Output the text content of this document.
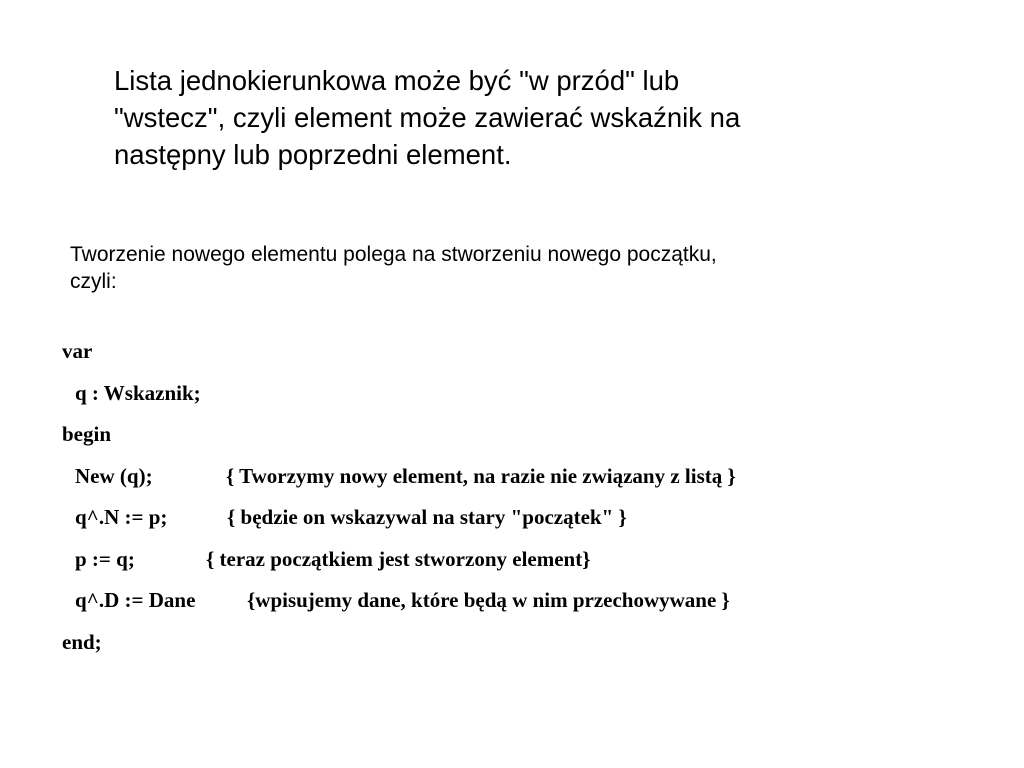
Lista jednokierunkowa może być "w przód" lub
"wstecz", czyli element może zawierać wskaźnik na
następny lub poprzedni element.
Tworzenie nowego elementu polega na stworzeniu nowego początku,
czyli:
var
q : Wskaznik;
begin
New (q);	{ Tworzymy nowy element, na razie nie związany z listą }
q^.N := p;	{ będzie on wskazywal na stary "początek" }
p := q;	{ teraz początkiem jest stworzony element}
q^.D := Dane {wpisujemy dane, które będą w nim przechowywane }
end;
